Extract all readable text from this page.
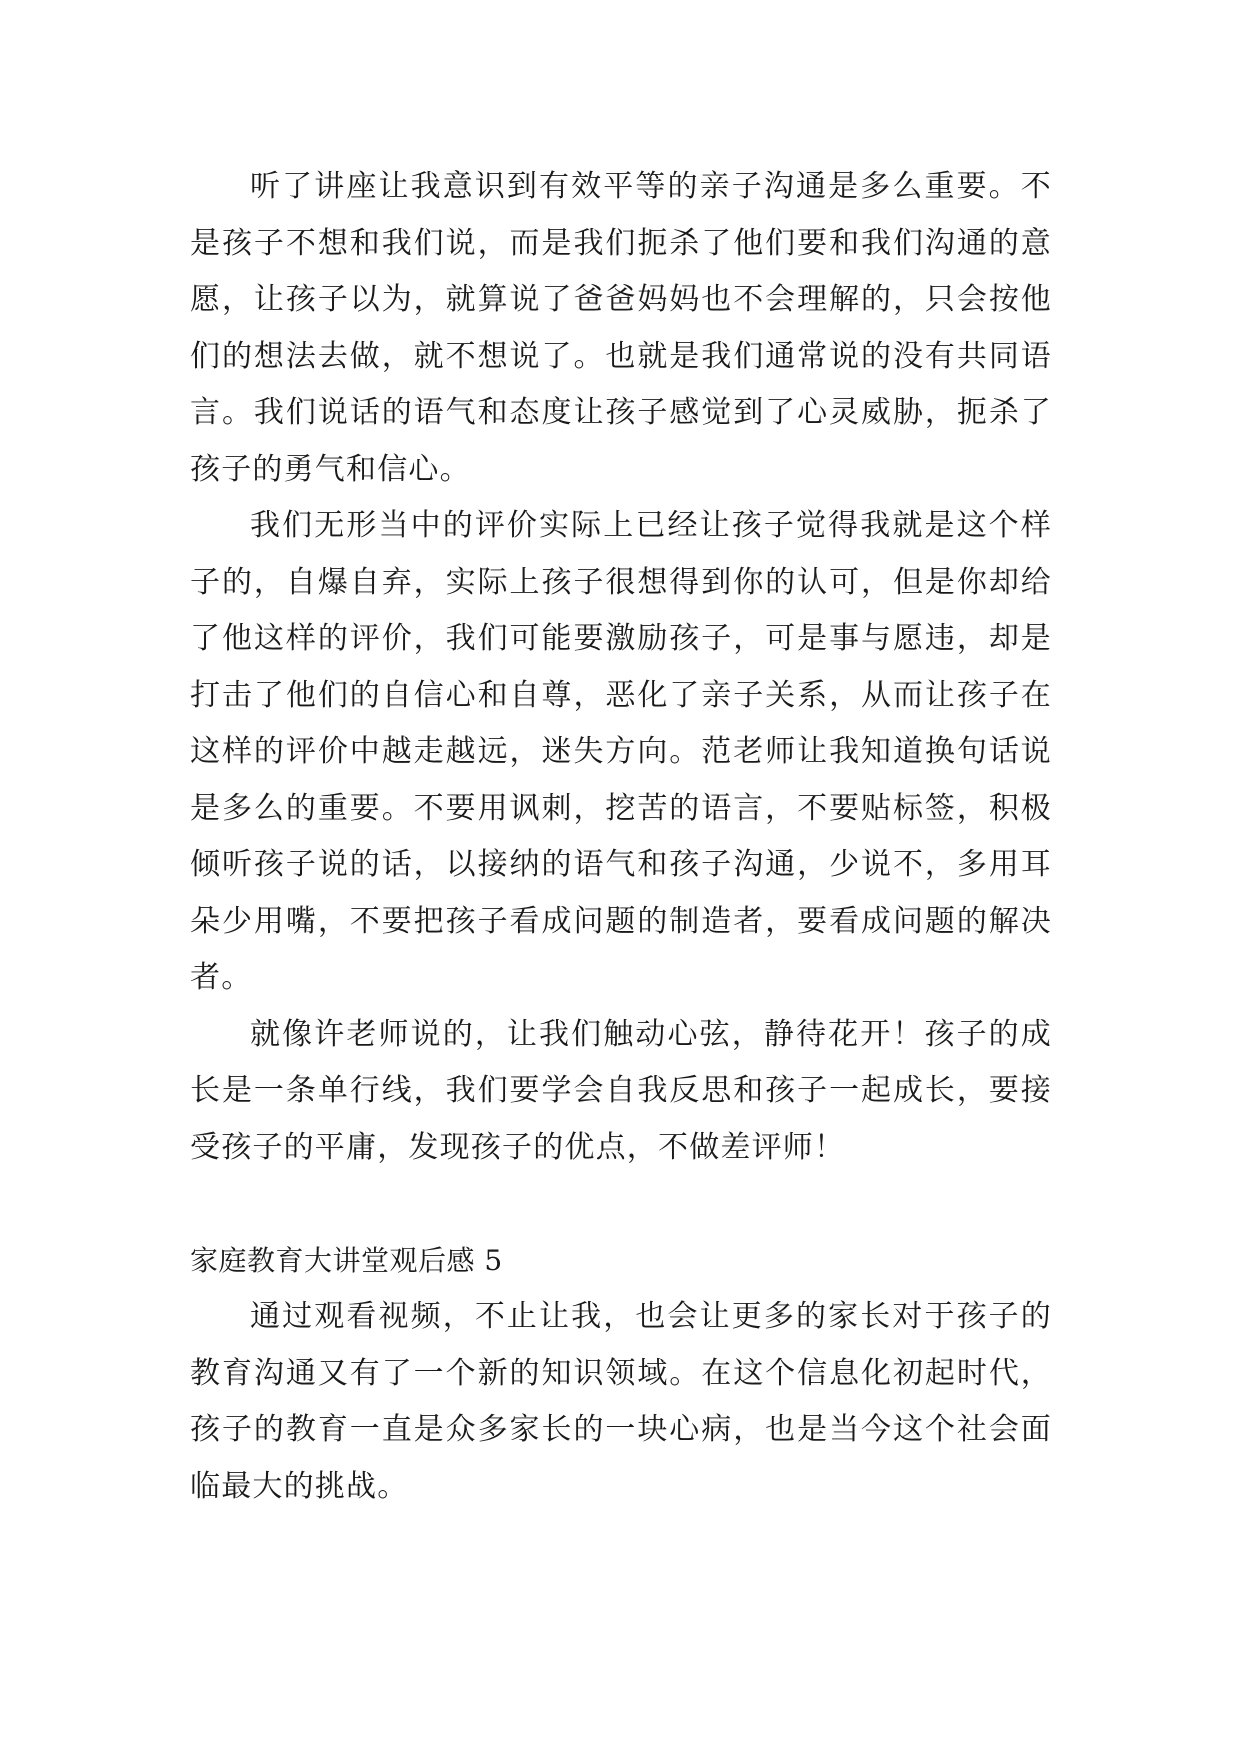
听了讲座让我意识到有效平等的亲子沟通是多么重要。不是孩子不想和我们说，而是我们扼杀了他们要和我们沟通的意愿，让孩子以为，就算说了爸爸妈妈也不会理解的，只会按他们的想法去做，就不想说了。也就是我们通常说的没有共同语言。我们说话的语气和态度让孩子感觉到了心灵威胁，扼杀了孩子的勇气和信心。

我们无形当中的评价实际上已经让孩子觉得我就是这个样子的，自爆自弃，实际上孩子很想得到你的认可，但是你却给了他这样的评价，我们可能要激励孩子，可是事与愿违，却是打击了他们的自信心和自尊，恶化了亲子关系，从而让孩子在这样的评价中越走越远，迷失方向。范老师让我知道换句话说是多么的重要。不要用讽刺，挖苦的语言，不要贴标签，积极倾听孩子说的话，以接纳的语气和孩子沟通，少说不，多用耳朵少用嘴，不要把孩子看成问题的制造者，要看成问题的解决者。

就像许老师说的，让我们触动心弦，静待花开！孩子的成长是一条单行线，我们要学会自我反思和孩子一起成长，要接受孩子的平庸，发现孩子的优点，不做差评师！

家庭教育大讲堂观后感 5

通过观看视频，不止让我，也会让更多的家长对于孩子的教育沟通又有了一个新的知识领域。在这个信息化初起时代，孩子的教育一直是众多家长的一块心病，也是当今这个社会面临最大的挑战。
